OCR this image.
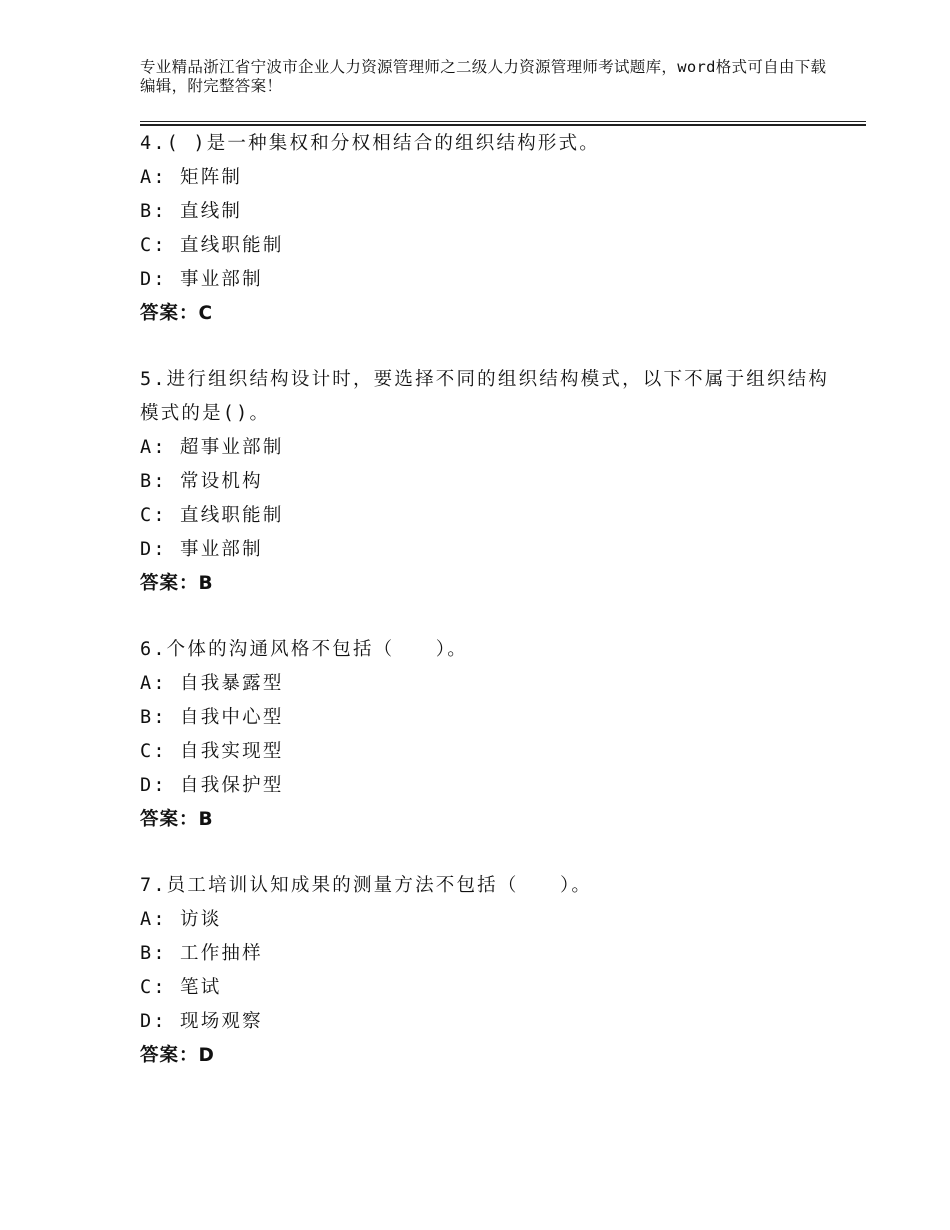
专业精品浙江省宁波市企业人力资源管理师之二级人力资源管理师考试题库，word格式可自由下载编辑，附完整答案！
4.( )是一种集权和分权相结合的组织结构形式。
A: 矩阵制
B: 直线制
C: 直线职能制
D: 事业部制
答案：C
5.进行组织结构设计时，要选择不同的组织结构模式，以下不属于组织结构模式的是()。
A: 超事业部制
B: 常设机构
C: 直线职能制
D: 事业部制
答案：B
6.个体的沟通风格不包括（　　）。
A: 自我暴露型
B: 自我中心型
C: 自我实现型
D: 自我保护型
答案：B
7.员工培训认知成果的测量方法不包括（　　）。
A: 访谈
B: 工作抽样
C: 笔试
D: 现场观察
答案：D
